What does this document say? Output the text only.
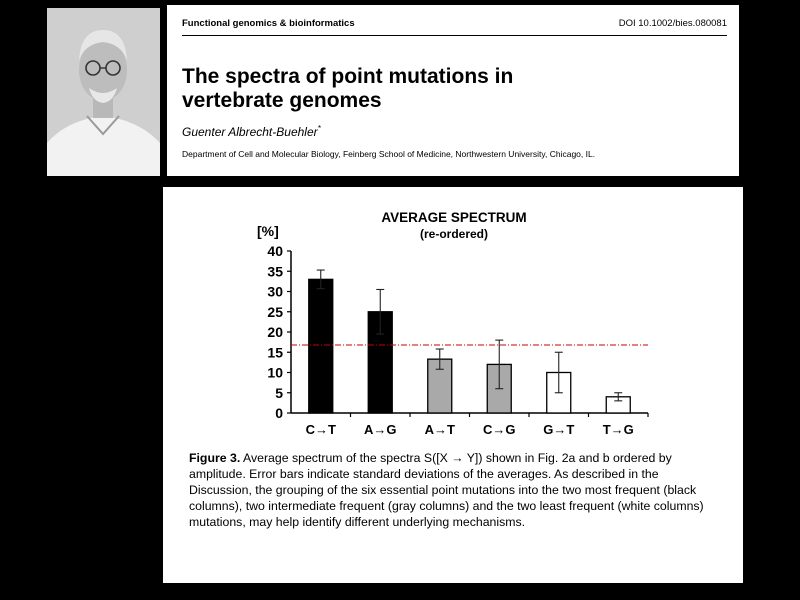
Functional genomics & bioinformatics	DOI 10.1002/bies.080081
The spectra of point mutations in
vertebrate genomes
Guenter Albrecht-Buehler*
Department of Cell and Molecular Biology, Feinberg School of Medicine, Northwestern University, Chicago, IL.
AVERAGE SPECTRUM
(re-ordered)
[%]
0
5
10
15
20
25
30
35
40
C→T A→G A→T C→G G→T T→G
Figure 3. Average spectrum of the spectra S([X → Y]) shown in Fig. 2a and b ordered by amplitude. Error bars indicate standard deviations of the averages. As described in the Discussion, the grouping of the six essential point mutations into the two most frequent (black columns), two intermediate frequent (gray columns) and the two least frequent (white columns) mutations, may help identify different underlying mechanisms.
